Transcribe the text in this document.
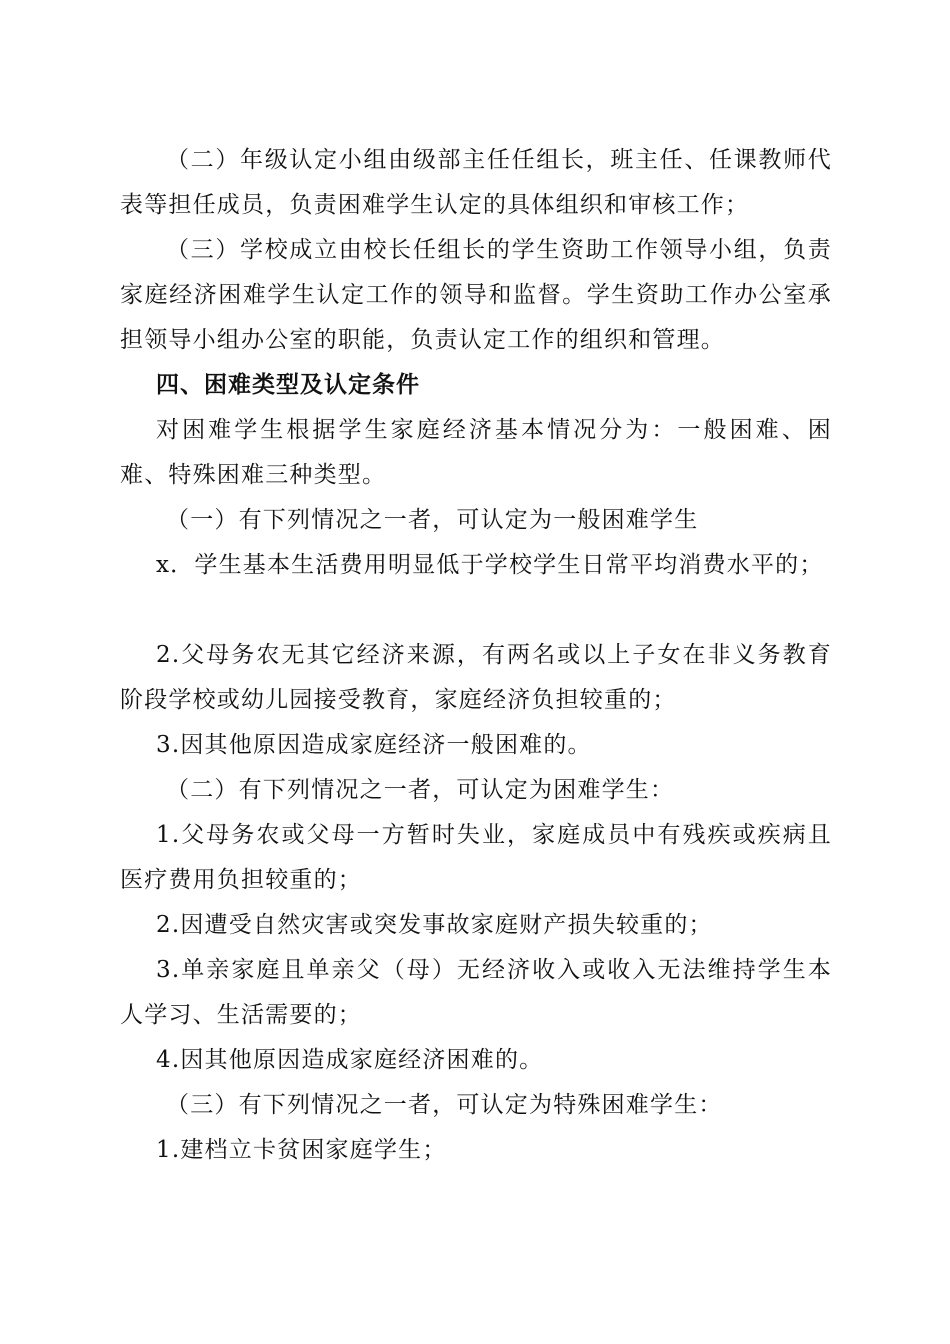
（二）年级认定小组由级部主任任组长，班主任、任课教师代表等担任成员，负责困难学生认定的具体组织和审核工作；
（三）学校成立由校长任组长的学生资助工作领导小组，负责家庭经济困难学生认定工作的领导和监督。学生资助工作办公室承担领导小组办公室的职能，负责认定工作的组织和管理。
四、困难类型及认定条件
对困难学生根据学生家庭经济基本情况分为：一般困难、困难、特殊困难三种类型。
（一）有下列情况之一者，可认定为一般困难学生
x．学生基本生活费用明显低于学校学生日常平均消费水平的；
2.父母务农无其它经济来源，有两名或以上子女在非义务教育阶段学校或幼儿园接受教育，家庭经济负担较重的；
3.因其他原因造成家庭经济一般困难的。
（二）有下列情况之一者，可认定为困难学生：
1.父母务农或父母一方暂时失业，家庭成员中有残疾或疾病且医疗费用负担较重的；
2.因遭受自然灾害或突发事故家庭财产损失较重的；
3.单亲家庭且单亲父（母）无经济收入或收入无法维持学生本人学习、生活需要的；
4.因其他原因造成家庭经济困难的。
（三）有下列情况之一者，可认定为特殊困难学生：
1.建档立卡贫困家庭学生；
